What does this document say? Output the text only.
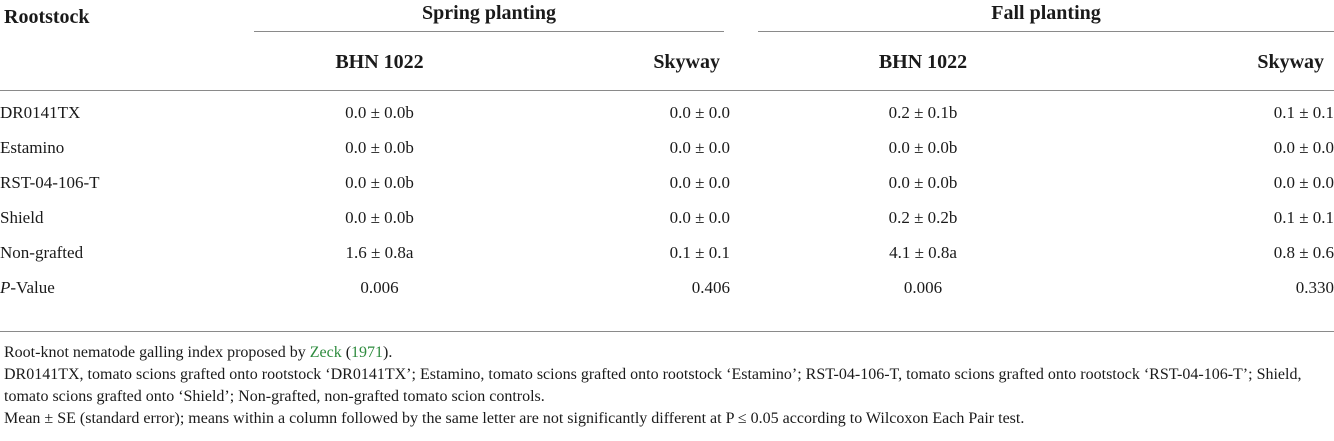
Rootstock	Spring planting		Fall planting	

	BHN 1022	Skyway	BHN 1022	Skyway
DR0141TX	0.0 ± 0.0b	0.0 ± 0.0	0.2 ± 0.1b	0.1 ± 0.1
Estamino	0.0 ± 0.0b	0.0 ± 0.0	0.0 ± 0.0b	0.0 ± 0.0
RST-04-106-T	0.0 ± 0.0b	0.0 ± 0.0	0.0 ± 0.0b	0.0 ± 0.0
Shield	0.0 ± 0.0b	0.0 ± 0.0	0.2 ± 0.2b	0.1 ± 0.1
Non-grafted	1.6 ± 0.8a	0.1 ± 0.1	4.1 ± 0.8a	0.8 ± 0.6
P-Value	0.006	0.406	0.006	0.330

Root-knot nematode galling index proposed by Zeck (1971).

DR0141TX, tomato scions grafted onto rootstock ‘DR0141TX’; Estamino, tomato scions grafted onto rootstock ‘Estamino’; RST-04-106-T, tomato scions grafted onto rootstock ‘RST-04-106-T’; Shield, tomato scions grafted onto ‘Shield’; Non-grafted, non-grafted tomato scion controls.

Mean ± SE (standard error); means within a column followed by the same letter are not significantly different at P ≤ 0.05 according to Wilcoxon Each Pair test.
